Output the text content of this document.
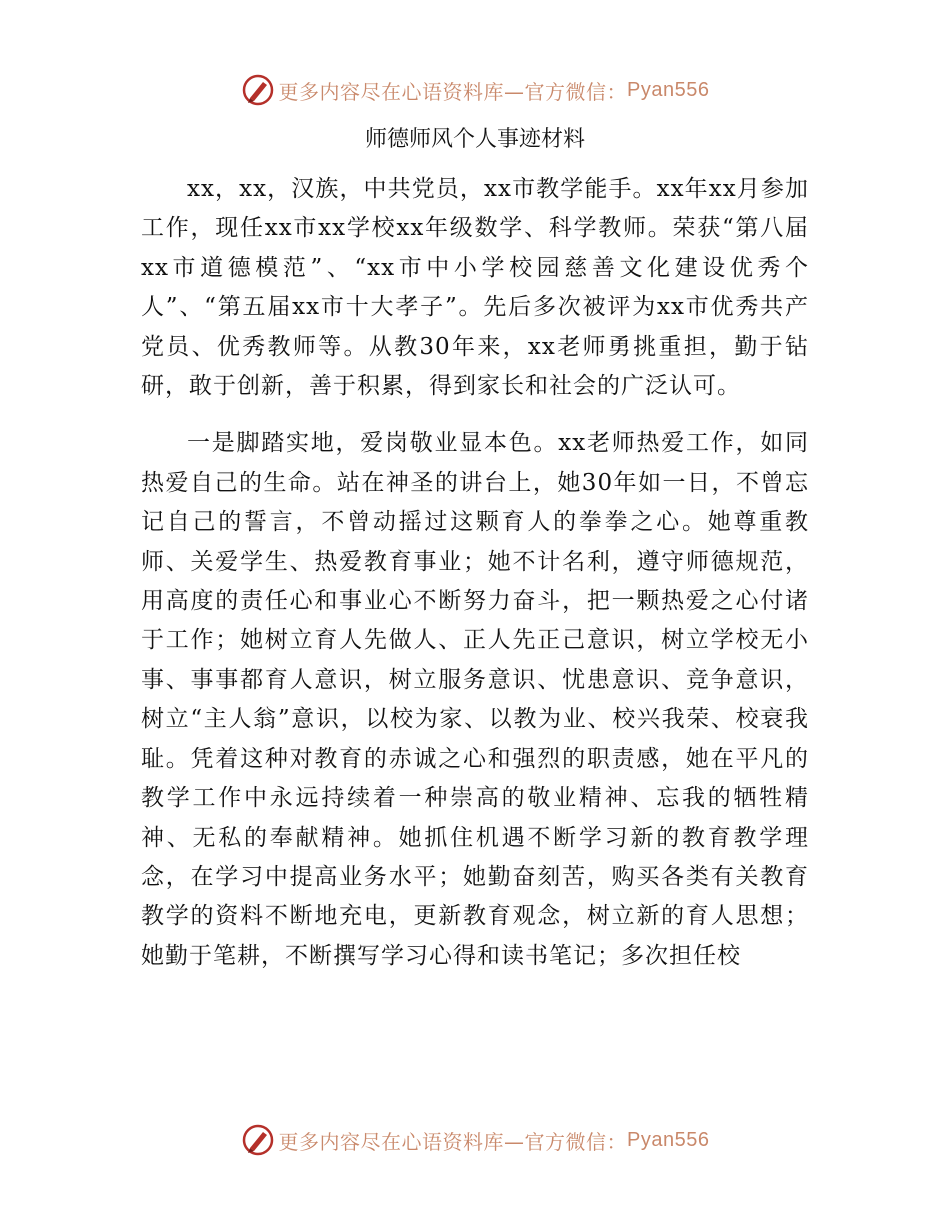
更多内容尽在心语资料库—官方微信： Pyan556
师德师风个人事迹材料

xx，xx，汉族，中共党员，xx市教学能手。xx年xx月参加工作，现任xx市xx学校xx年级数学、科学教师。荣获“第八届xx市道德模范”、“xx市中小学校园慈善文化建设优秀个人”、“第五届xx市十大孝子”。先后多次被评为xx市优秀共产党员、优秀教师等。从教30年来，xx老师勇挑重担，勤于钻研，敢于创新，善于积累，得到家长和社会的广泛认可。

一是脚踏实地，爱岗敬业显本色。xx老师热爱工作，如同热爱自己的生命。站在神圣的讲台上，她30年如一日，不曾忘记自己的誓言，不曾动摇过这颗育人的拳拳之心。她尊重教师、关爱学生、热爱教育事业；她不计名利，遵守师德规范，用高度的责任心和事业心不断努力奋斗，把一颗热爱之心付诸于工作；她树立育人先做人、正人先正己意识，树立学校无小事、事事都育人意识，树立服务意识、忧患意识、竞争意识，树立“主人翁”意识，以校为家、以教为业、校兴我荣、校衰我耻。凭着这种对教育的赤诚之心和强烈的职责感，她在平凡的教学工作中永远持续着一种崇高的敬业精神、忘我的牺牲精神、无私的奉献精神。她抓住机遇不断学习新的教育教学理念，在学习中提高业务水平；她勤奋刻苦，购买各类有关教育教学的资料不断地充电，更新教育观念，树立新的育人思想；她勤于笔耕，不断撰写学习心得和读书笔记；多次担任校

更多内容尽在心语资料库—官方微信： Pyan556
